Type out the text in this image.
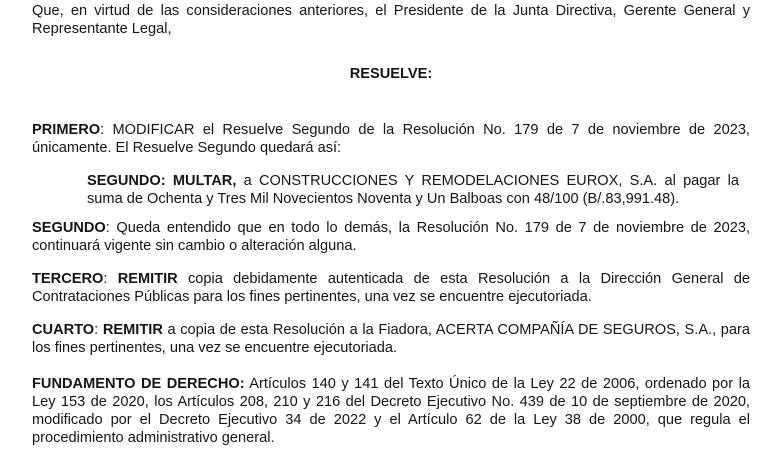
Que, en virtud de las consideraciones anteriores, el Presidente de la Junta Directiva, Gerente General y Representante Legal,

RESUELVE:

PRIMERO: MODIFICAR el Resuelve Segundo de la Resolución No. 179 de 7 de noviembre de 2023, únicamente. El Resuelve Segundo quedará así:

SEGUNDO: MULTAR, a CONSTRUCCIONES Y REMODELACIONES EUROX, S.A. al pagar la suma de Ochenta y Tres Mil Novecientos Noventa y Un Balboas con 48/100 (B/.83,991.48).

SEGUNDO: Queda entendido que en todo lo demás, la Resolución No. 179 de 7 de noviembre de 2023, continuará vigente sin cambio o alteración alguna.

TERCERO: REMITIR copia debidamente autenticada de esta Resolución a la Dirección General de Contrataciones Públicas para los fines pertinentes, una vez se encuentre ejecutoriada.

CUARTO: REMITIR a copia de esta Resolución a la Fiadora, ACERTA COMPAÑÍA DE SEGUROS, S.A., para los fines pertinentes, una vez se encuentre ejecutoriada.

FUNDAMENTO DE DERECHO: Artículos 140 y 141 del Texto Único de la Ley 22 de 2006, ordenado por la Ley 153 de 2020, los Artículos 208, 210 y 216 del Decreto Ejecutivo No. 439 de 10 de septiembre de 2020, modificado por el Decreto Ejecutivo 34 de 2022 y el Artículo 62 de la Ley 38 de 2000, que regula el procedimiento administrativo general.
